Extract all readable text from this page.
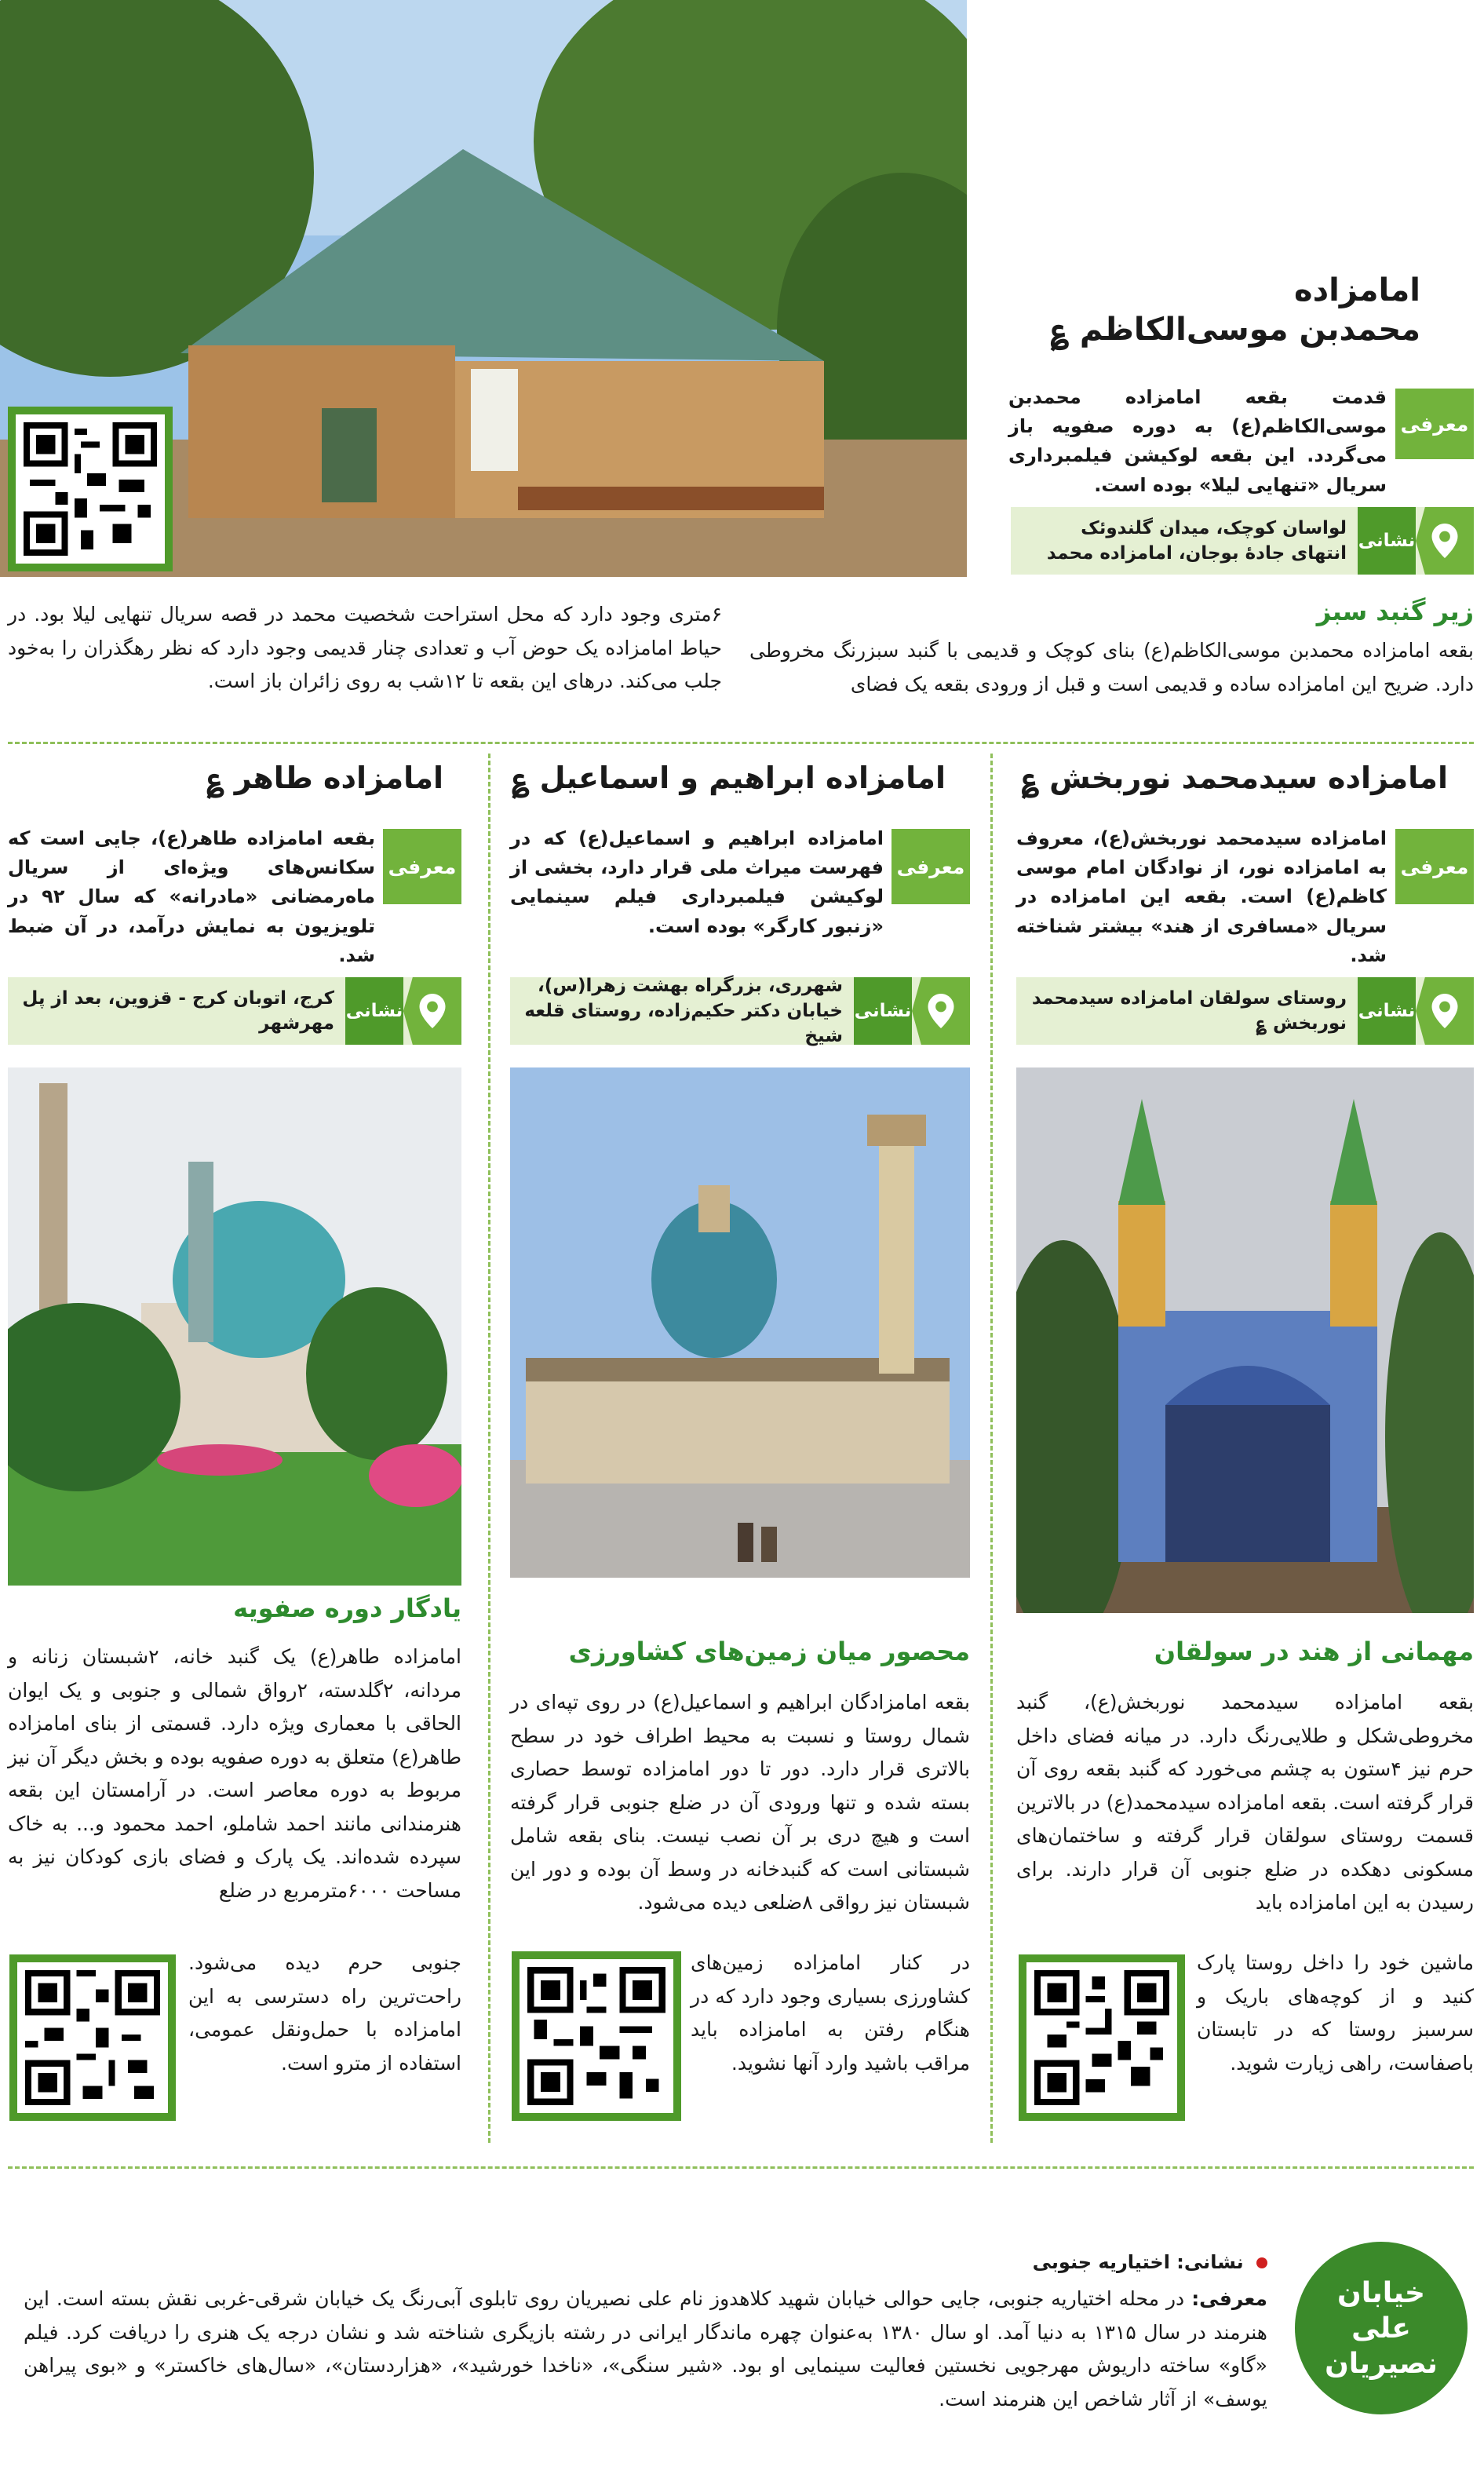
امامزاده
محمدبن موسی‌الکاظم ؏
معرفی
قدمت بقعه امامزاده محمدبن موسی‌الکاظم(ع) به دوره صفویه باز می‌گردد. این بقعه لوکیشن فیلمبرداری سریال «تنهایی لیلا» بوده است.
نشانی
لواسان کوچک، میدان گلندوئک انتهای جادهٔ بوجان، امامزاده محمد
زیر گنبد سبز
بقعه امامزاده محمدبن موسی‌الکاظم(ع) بنای کوچک و قدیمی با گنبد سبزرنگ مخروطی دارد. ضریح این امامزاده ساده و قدیمی است و قبل از ورودی بقعه یک فضای
۶متری وجود دارد که محل استراحت شخصیت محمد در قصه سریال تنهایی لیلا بود. در حیاط امامزاده یک حوض آب و تعدادی چنار قدیمی وجود دارد که نظر رهگذران را به‌خود جلب می‌کند. درهای این بقعه تا ۱۲شب به روی زائران باز است.
امامزاده سیدمحمد نوربخش ؏
معرفی
امامزاده سیدمحمد نوربخش(ع)، معروف به امامزاده نور، از نوادگان امام موسی کاظم(ع) است. بقعه این امامزاده در سریال «مسافری از هند» بیشتر شناخته شد.
نشانی
روستای سولقان امامزاده سیدمحمد نوربخش ؏
مهمانی از هند در سولقان
بقعه امامزاده سیدمحمد نوربخش(ع)، گنبد مخروطی‌شکل و طلایی‌رنگ دارد. در میانه فضای داخل حرم نیز ۴ستون به چشم می‌خورد که گنبد بقعه روی آن قرار گرفته است. بقعه امامزاده سیدمحمد(ع) در بالاترین قسمت روستای سولقان قرار گرفته و ساختمان‌های مسکونی دهکده در ضلع جنوبی آن قرار دارند. برای رسیدن به این امامزاده باید
ماشین خود را داخل روستا پارک کنید و از کوچه‌های باریک و سرسبز روستا که در تابستان باصفاست، راهی زیارت شوید.
امامزاده ابراهیم و اسماعیل ؏
معرفی
امامزاده ابراهیم و اسماعیل(ع) که در فهرست میراث ملی قرار دارد، بخشی از لوکیشن فیلمبرداری فیلم سینمایی «زنبور کارگر» بوده است.
نشانی
شهرری، بزرگراه بهشت زهرا(س)، خیابان دکتر حکیم‌زاده، روستای قلعه شیخ
محصور میان زمین‌های کشاورزی
بقعه امامزادگان ابراهیم و اسماعیل(ع) در روی تپه‌ای در شمال روستا و نسبت به محیط اطراف خود در سطح بالاتری قرار دارد. دور تا دور امامزاده توسط حصاری بسته شده و تنها ورودی آن در ضلع جنوبی قرار گرفته است و هیچ دری بر آن نصب نیست. بنای بقعه شامل شبستانی است که گنبدخانه در وسط آن بوده و دور این شبستان نیز رواقی ۸ضلعی دیده می‌شود.
در کنار امامزاده زمین‌های کشاورزی بسیاری وجود دارد که در هنگام رفتن به امامزاده باید مراقب باشید وارد آنها نشوید.
امامزاده طاهر ؏
معرفی
بقعه امامزاده طاهر(ع)، جایی است که سکانس‌های ویژه‌ای از سریال ماه‌رمضانی «مادرانه» که سال ۹۲ در تلویزیون به نمایش درآمد، در آن ضبط شد.
نشانی
کرج، اتوبان کرج - قزوین، بعد از پل مهرشهر
یادگار دوره صفویه
امامزاده طاهر(ع) یک گنبد خانه، ۲شبستان زنانه و مردانه، ۲گلدسته، ۲رواق شمالی و جنوبی و یک ایوان الحاقی با معماری ویژه دارد. قسمتی از بنای امامزاده طاهر(ع) متعلق به دوره صفویه بوده و بخش دیگر آن نیز مربوط به دوره معاصر است. در آرامستان این بقعه هنرمندانی مانند احمد شاملو، احمد محمود و... به خاک سپرده شده‌اند. یک پارک و فضای بازی کودکان نیز به مساحت ۶۰۰۰مترمربع در ضلع
جنوبی حرم دیده می‌شود. راحت‌ترین راه دسترسی به این امامزاده با حمل‌ونقل عمومی، استفاده از مترو است.
خیابان
علی
نصیریان
نشانی: اختیاریه جنوبی
معرفی: در محله اختیاریه جنوبی، جایی حوالی خیابان شهید کلاهدوز نام علی نصیریان روی تابلوی آبی‌رنگ یک خیابان شرقی-غربی نقش بسته است. این هنرمند در سال ۱۳۱۵ به دنیا آمد. او سال ۱۳۸۰ به‌عنوان چهره ماندگار ایرانی در رشته بازیگری شناخته شد و نشان درجه یک هنری را دریافت کرد. فیلم «گاو» ساخته داریوش مهرجویی نخستین فعالیت سینمایی او بود. «شیر سنگی»، «ناخدا خورشید»، «هزاردستان»، «سال‌های خاکستر» و «بوی پیراهن یوسف» از آثار شاخص این هنرمند است.
